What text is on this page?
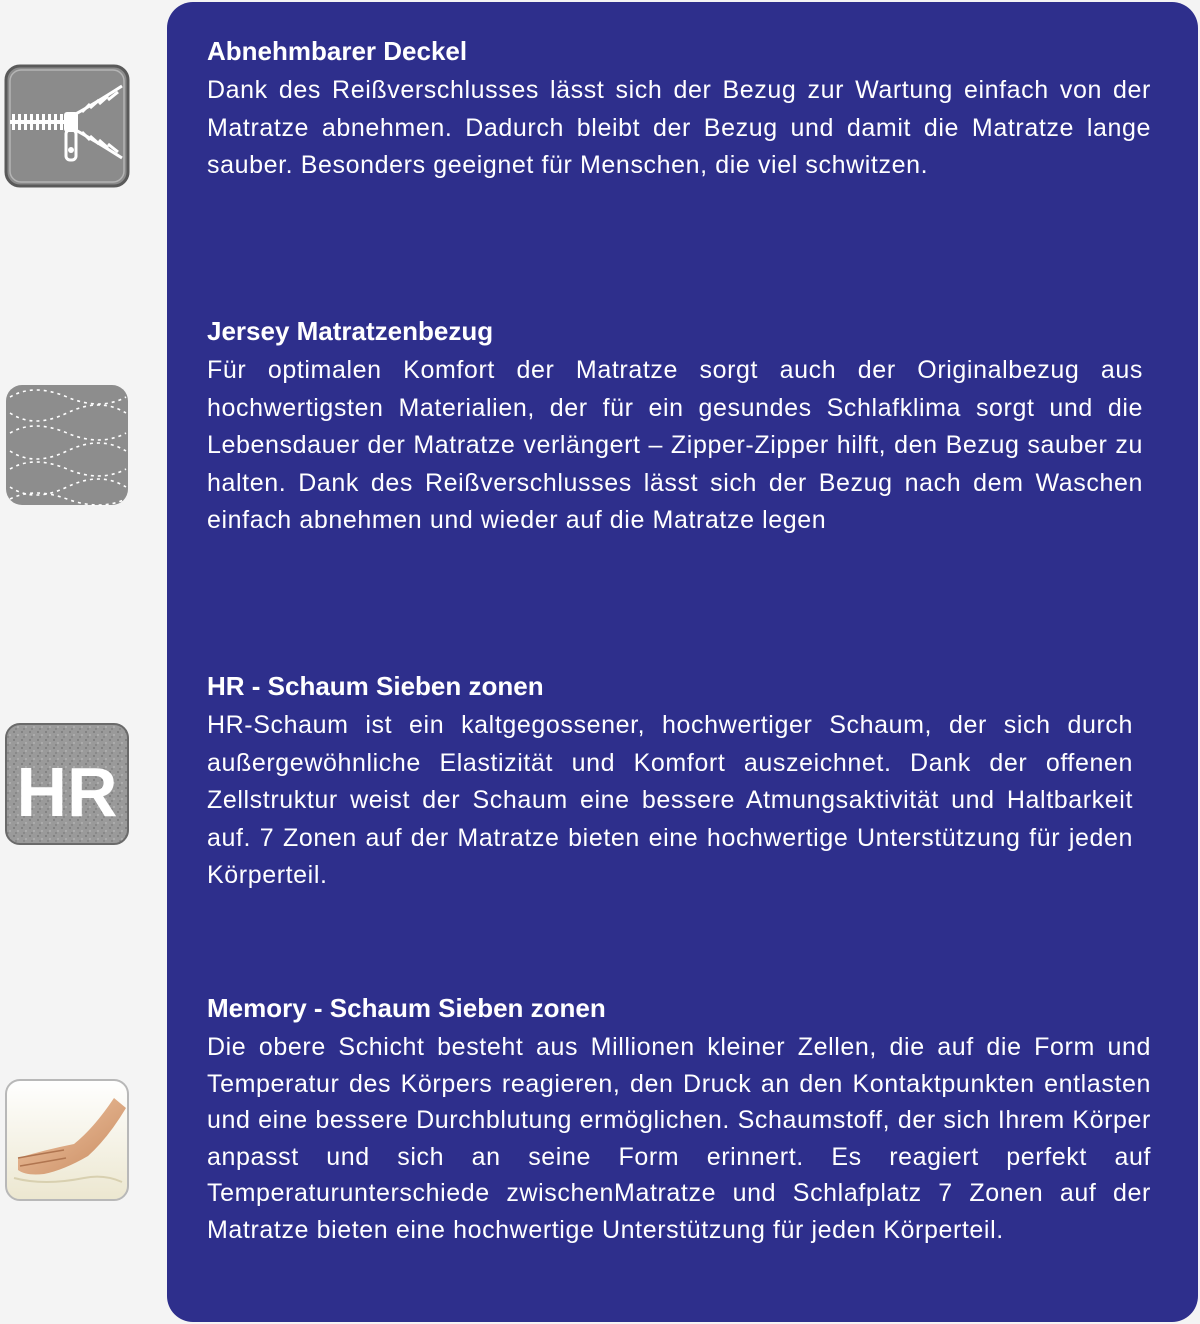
HR
Abnehmbarer Deckel

Dank des Reißverschlusses lässt sich der Bezug zur Wartung einfach von der Matratze abnehmen. Dadurch bleibt der Bezug und damit die Matratze lange sauber. Besonders geeignet für Menschen, die viel schwitzen.

Jersey Matratzenbezug

Für optimalen Komfort der Matratze sorgt auch der Originalbezug aus hochwertigsten Materialien, der für ein gesundes Schlafklima sorgt und die Lebensdauer der Matratze verlängert – Zipper-Zipper hilft, den Bezug sauber zu halten. Dank des Reißverschlusses lässt sich der Bezug nach dem Waschen einfach abnehmen und wieder auf die Matratze legen

HR - Schaum Sieben zonen

HR-Schaum ist ein kaltgegossener, hochwertiger Schaum, der sich durch außergewöhnliche Elastizität und Komfort auszeichnet. Dank der offenen Zellstruktur weist der Schaum eine bessere Atmungsaktivität und Haltbarkeit auf. 7 Zonen auf der Matratze bieten eine hochwertige Unterstützung für jeden Körperteil.

Memory - Schaum Sieben zonen

Die obere Schicht besteht aus Millionen kleiner Zellen, die auf die Form und Temperatur des Körpers reagieren, den Druck an den Kontaktpunkten entlasten und eine bessere Durchblutung ermöglichen. Schaumstoff, der sich Ihrem Körper anpasst und sich an seine Form erinnert. Es reagiert perfekt auf Temperaturunterschiede zwischenMatratze und Schlafplatz 7 Zonen auf der Matratze bieten eine hochwertige Unterstützung für jeden Körperteil.
